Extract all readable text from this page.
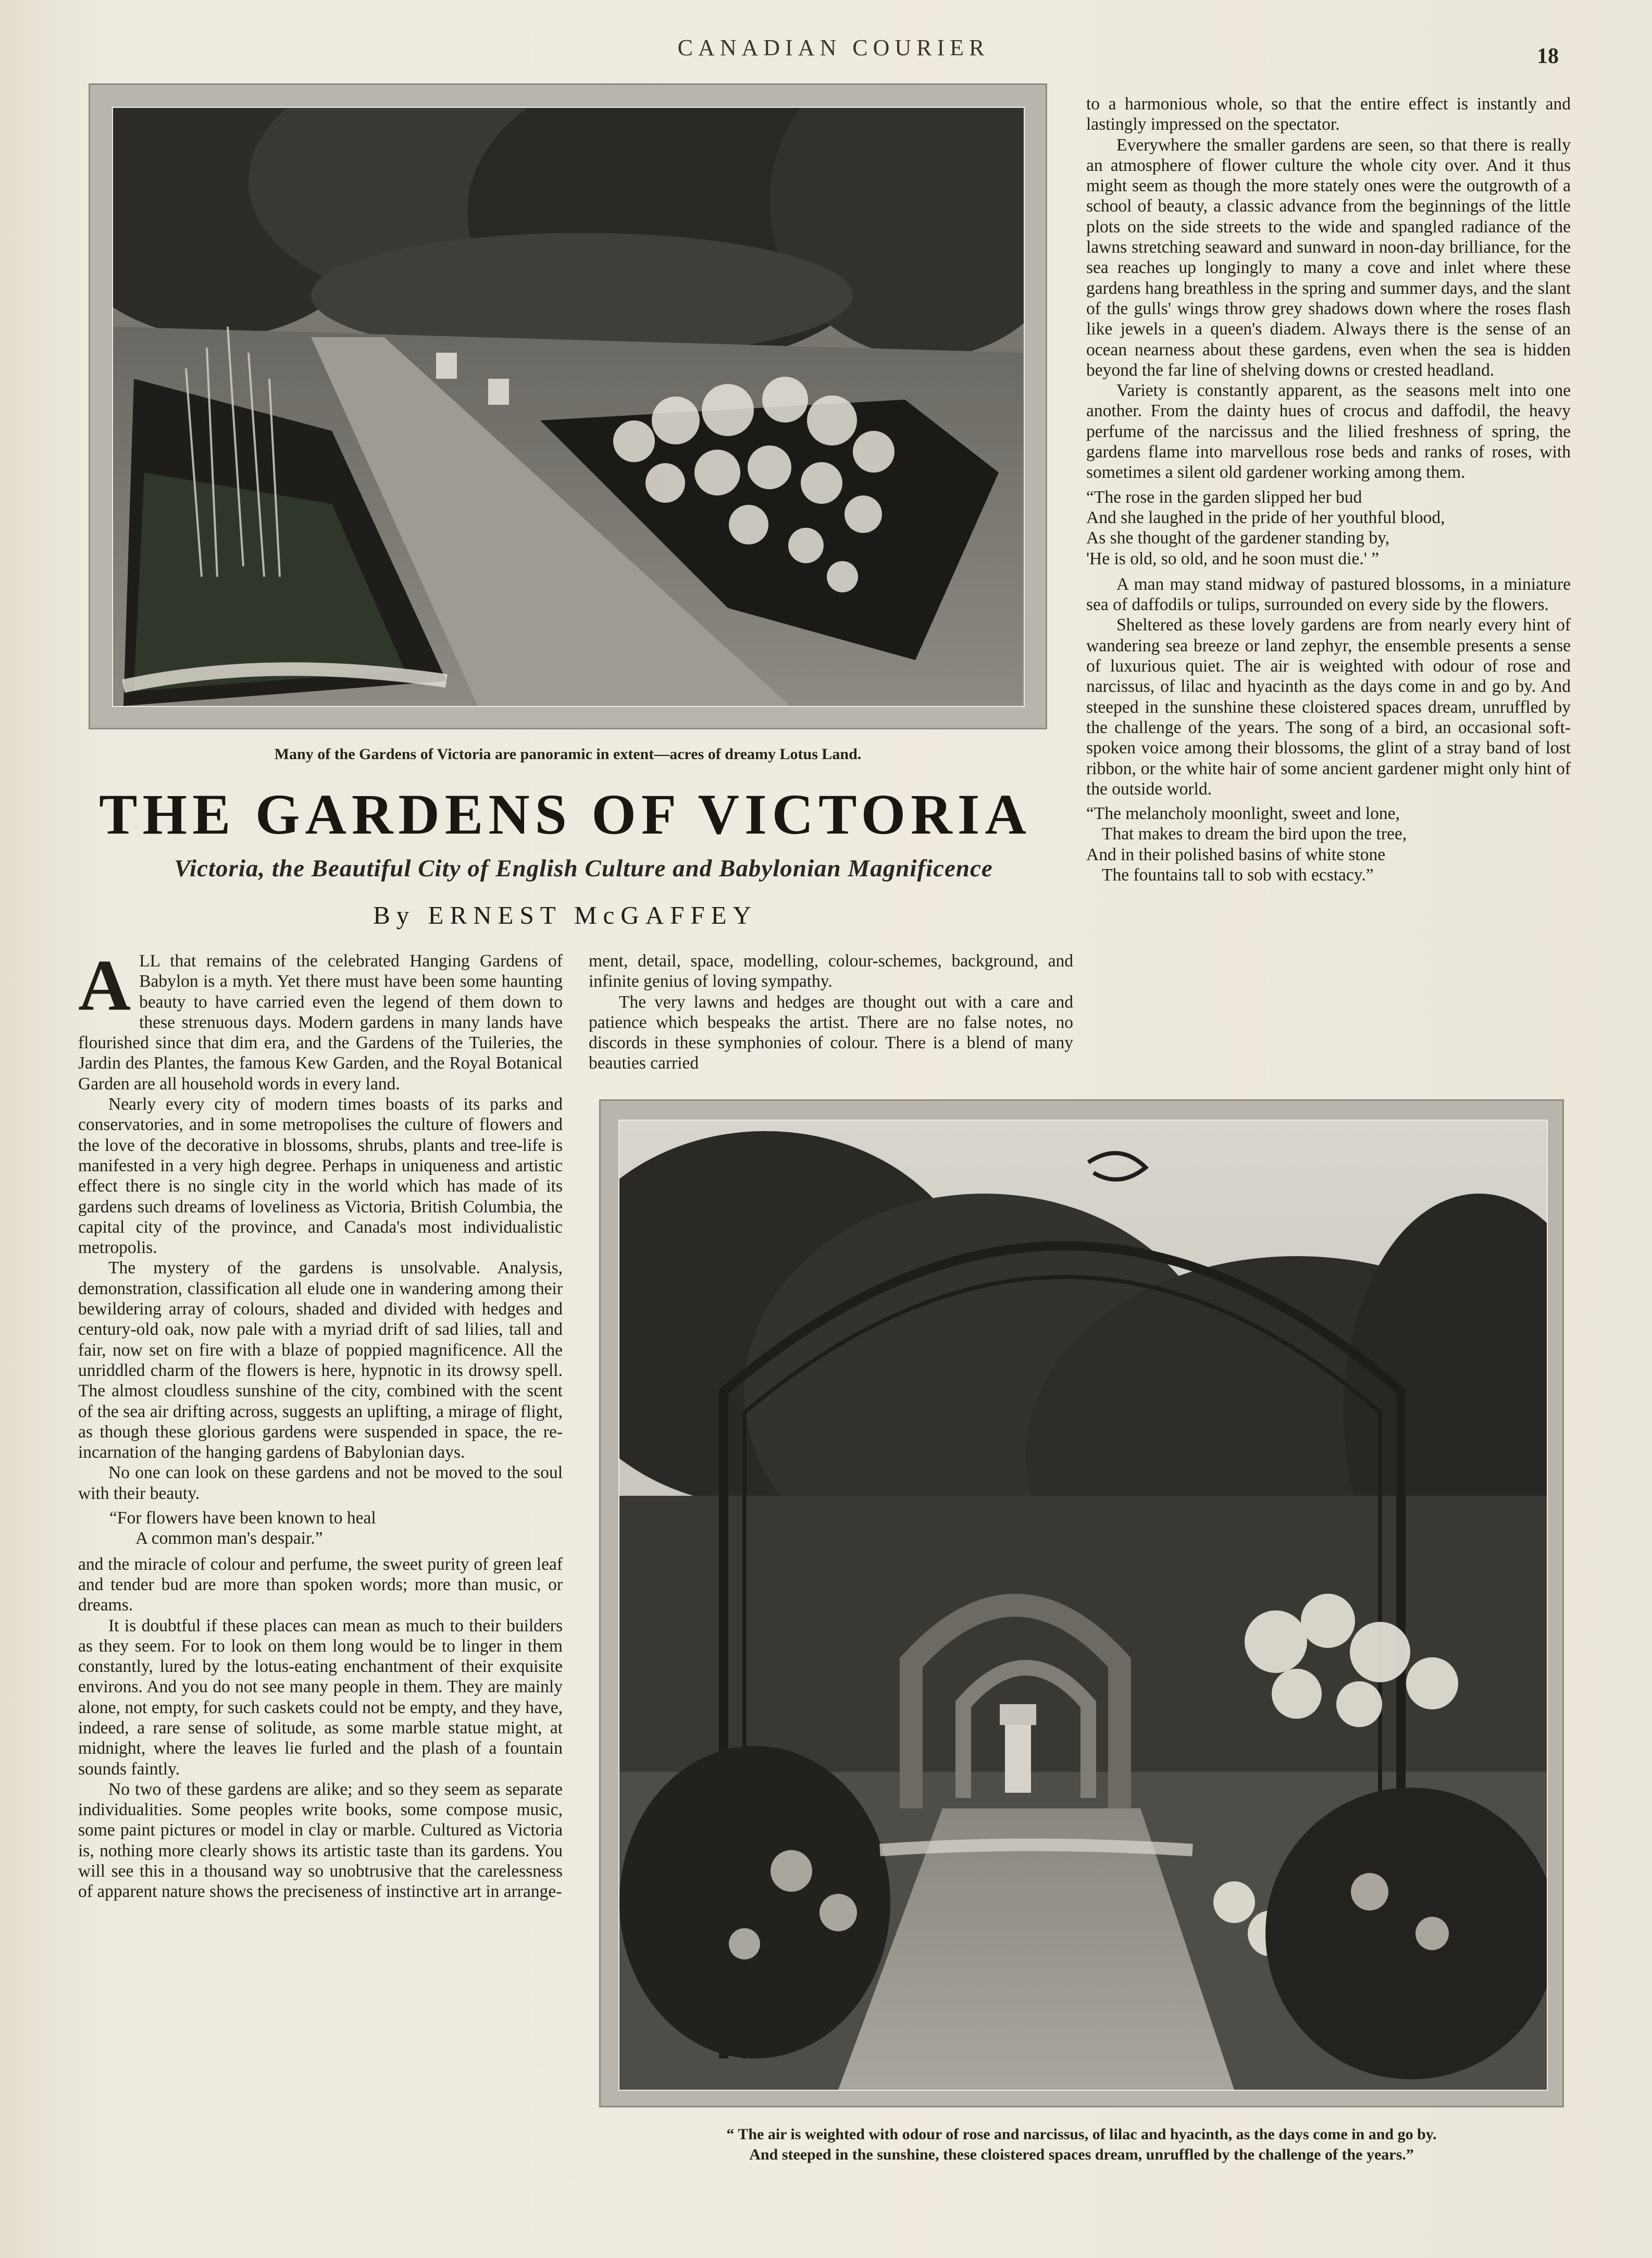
CANADIAN COURIER	18
Many of the Gardens of Victoria are panoramic in extent—acres of dreamy Lotus Land.
THE GARDENS OF VICTORIA
Victoria, the Beautiful City of English Culture and Babylonian Magnificence
By ERNEST McGAFFEY

ALL that remains of the celebrated Hanging Gardens of Babylon is a myth. Yet there must have been some haunting beauty to have carried even the legend of them down to these strenuous days. Modern gardens in many lands have flourished since that dim era, and the Gardens of the Tuileries, the Jardin des Plantes, the famous Kew Garden, and the Royal Botanical Garden are all household words in every land.

Nearly every city of modern times boasts of its parks and conservatories, and in some metropolises the culture of flowers and the love of the decorative in blossoms, shrubs, plants and tree-life is manifested in a very high degree. Perhaps in uniqueness and artistic effect there is no single city in the world which has made of its gardens such dreams of loveliness as Victoria, British Columbia, the capital city of the province, and Canada's most individualistic metropolis.

The mystery of the gardens is unsolvable. Analysis, demonstration, classification all elude one in wandering among their bewildering array of colours, shaded and divided with hedges and century-old oak, now pale with a myriad drift of sad lilies, tall and fair, now set on fire with a blaze of poppied magnificence. All the unriddled charm of the flowers is here, hypnotic in its drowsy spell. The almost cloudless sunshine of the city, combined with the scent of the sea air drifting across, suggests an uplifting, a mirage of flight, as though these glorious gardens were suspended in space, the re-incarnation of the hanging gardens of Babylonian days.

No one can look on these gardens and not be moved to the soul with their beauty.

“For flowers have been known to heal
A common man's despair.”

and the miracle of colour and perfume, the sweet purity of green leaf and tender bud are more than spoken words; more than music, or dreams.

It is doubtful if these places can mean as much to their builders as they seem. For to look on them long would be to linger in them constantly, lured by the lotus-eating enchantment of their exquisite environs. And you do not see many people in them. They are mainly alone, not empty, for such caskets could not be empty, and they have, indeed, a rare sense of solitude, as some marble statue might, at midnight, where the leaves lie furled and the plash of a fountain sounds faintly.

No two of these gardens are alike; and so they seem as separate individualities. Some peoples write books, some compose music, some paint pictures or model in clay or marble. Cultured as Victoria is, nothing more clearly shows its artistic taste than its gardens. You will see this in a thousand way so unobtrusive that the carelessness of apparent nature shows the preciseness of instinctive art in arrange-

ment, detail, space, modelling, colour-schemes, background, and infinite genius of loving sympathy.

The very lawns and hedges are thought out with a care and patience which bespeaks the artist. There are no false notes, no discords in these symphonies of colour. There is a blend of many beauties carried

to a harmonious whole, so that the entire effect is instantly and lastingly impressed on the spectator.

Everywhere the smaller gardens are seen, so that there is really an atmosphere of flower culture the whole city over. And it thus might seem as though the more stately ones were the outgrowth of a school of beauty, a classic advance from the beginnings of the little plots on the side streets to the wide and spangled radiance of the lawns stretching seaward and sunward in noon-day brilliance, for the sea reaches up longingly to many a cove and inlet where these gardens hang breathless in the spring and summer days, and the slant of the gulls' wings throw grey shadows down where the roses flash like jewels in a queen's diadem. Always there is the sense of an ocean nearness about these gardens, even when the sea is hidden beyond the far line of shelving downs or crested headland.

Variety is constantly apparent, as the seasons melt into one another. From the dainty hues of crocus and daffodil, the heavy perfume of the narcissus and the lilied freshness of spring, the gardens flame into marvellous rose beds and ranks of roses, with sometimes a silent old gardener working among them.

“The rose in the garden slipped her bud
And she laughed in the pride of her youthful blood,
As she thought of the gardener standing by,
'He is old, so old, and he soon must die.' ”

A man may stand midway of pastured blossoms, in a miniature sea of daffodils or tulips, surrounded on every side by the flowers.

Sheltered as these lovely gardens are from nearly every hint of wandering sea breeze or land zephyr, the ensemble presents a sense of luxurious quiet. The air is weighted with odour of rose and narcissus, of lilac and hyacinth as the days come in and go by. And steeped in the sunshine these cloistered spaces dream, unruffled by the challenge of the years. The song of a bird, an occasional soft-spoken voice among their blossoms, the glint of a stray band of lost ribbon, or the white hair of some ancient gardener might only hint of the outside world.

“The melancholy moonlight, sweet and lone,
That makes to dream the bird upon the tree,
And in their polished basins of white stone
The fountains tall to sob with ecstacy.”
“ The air is weighted with odour of rose and narcissus, of lilac and hyacinth, as the days come in and go by.
And steeped in the sunshine, these cloistered spaces dream, unruffled by the challenge of the years.”
